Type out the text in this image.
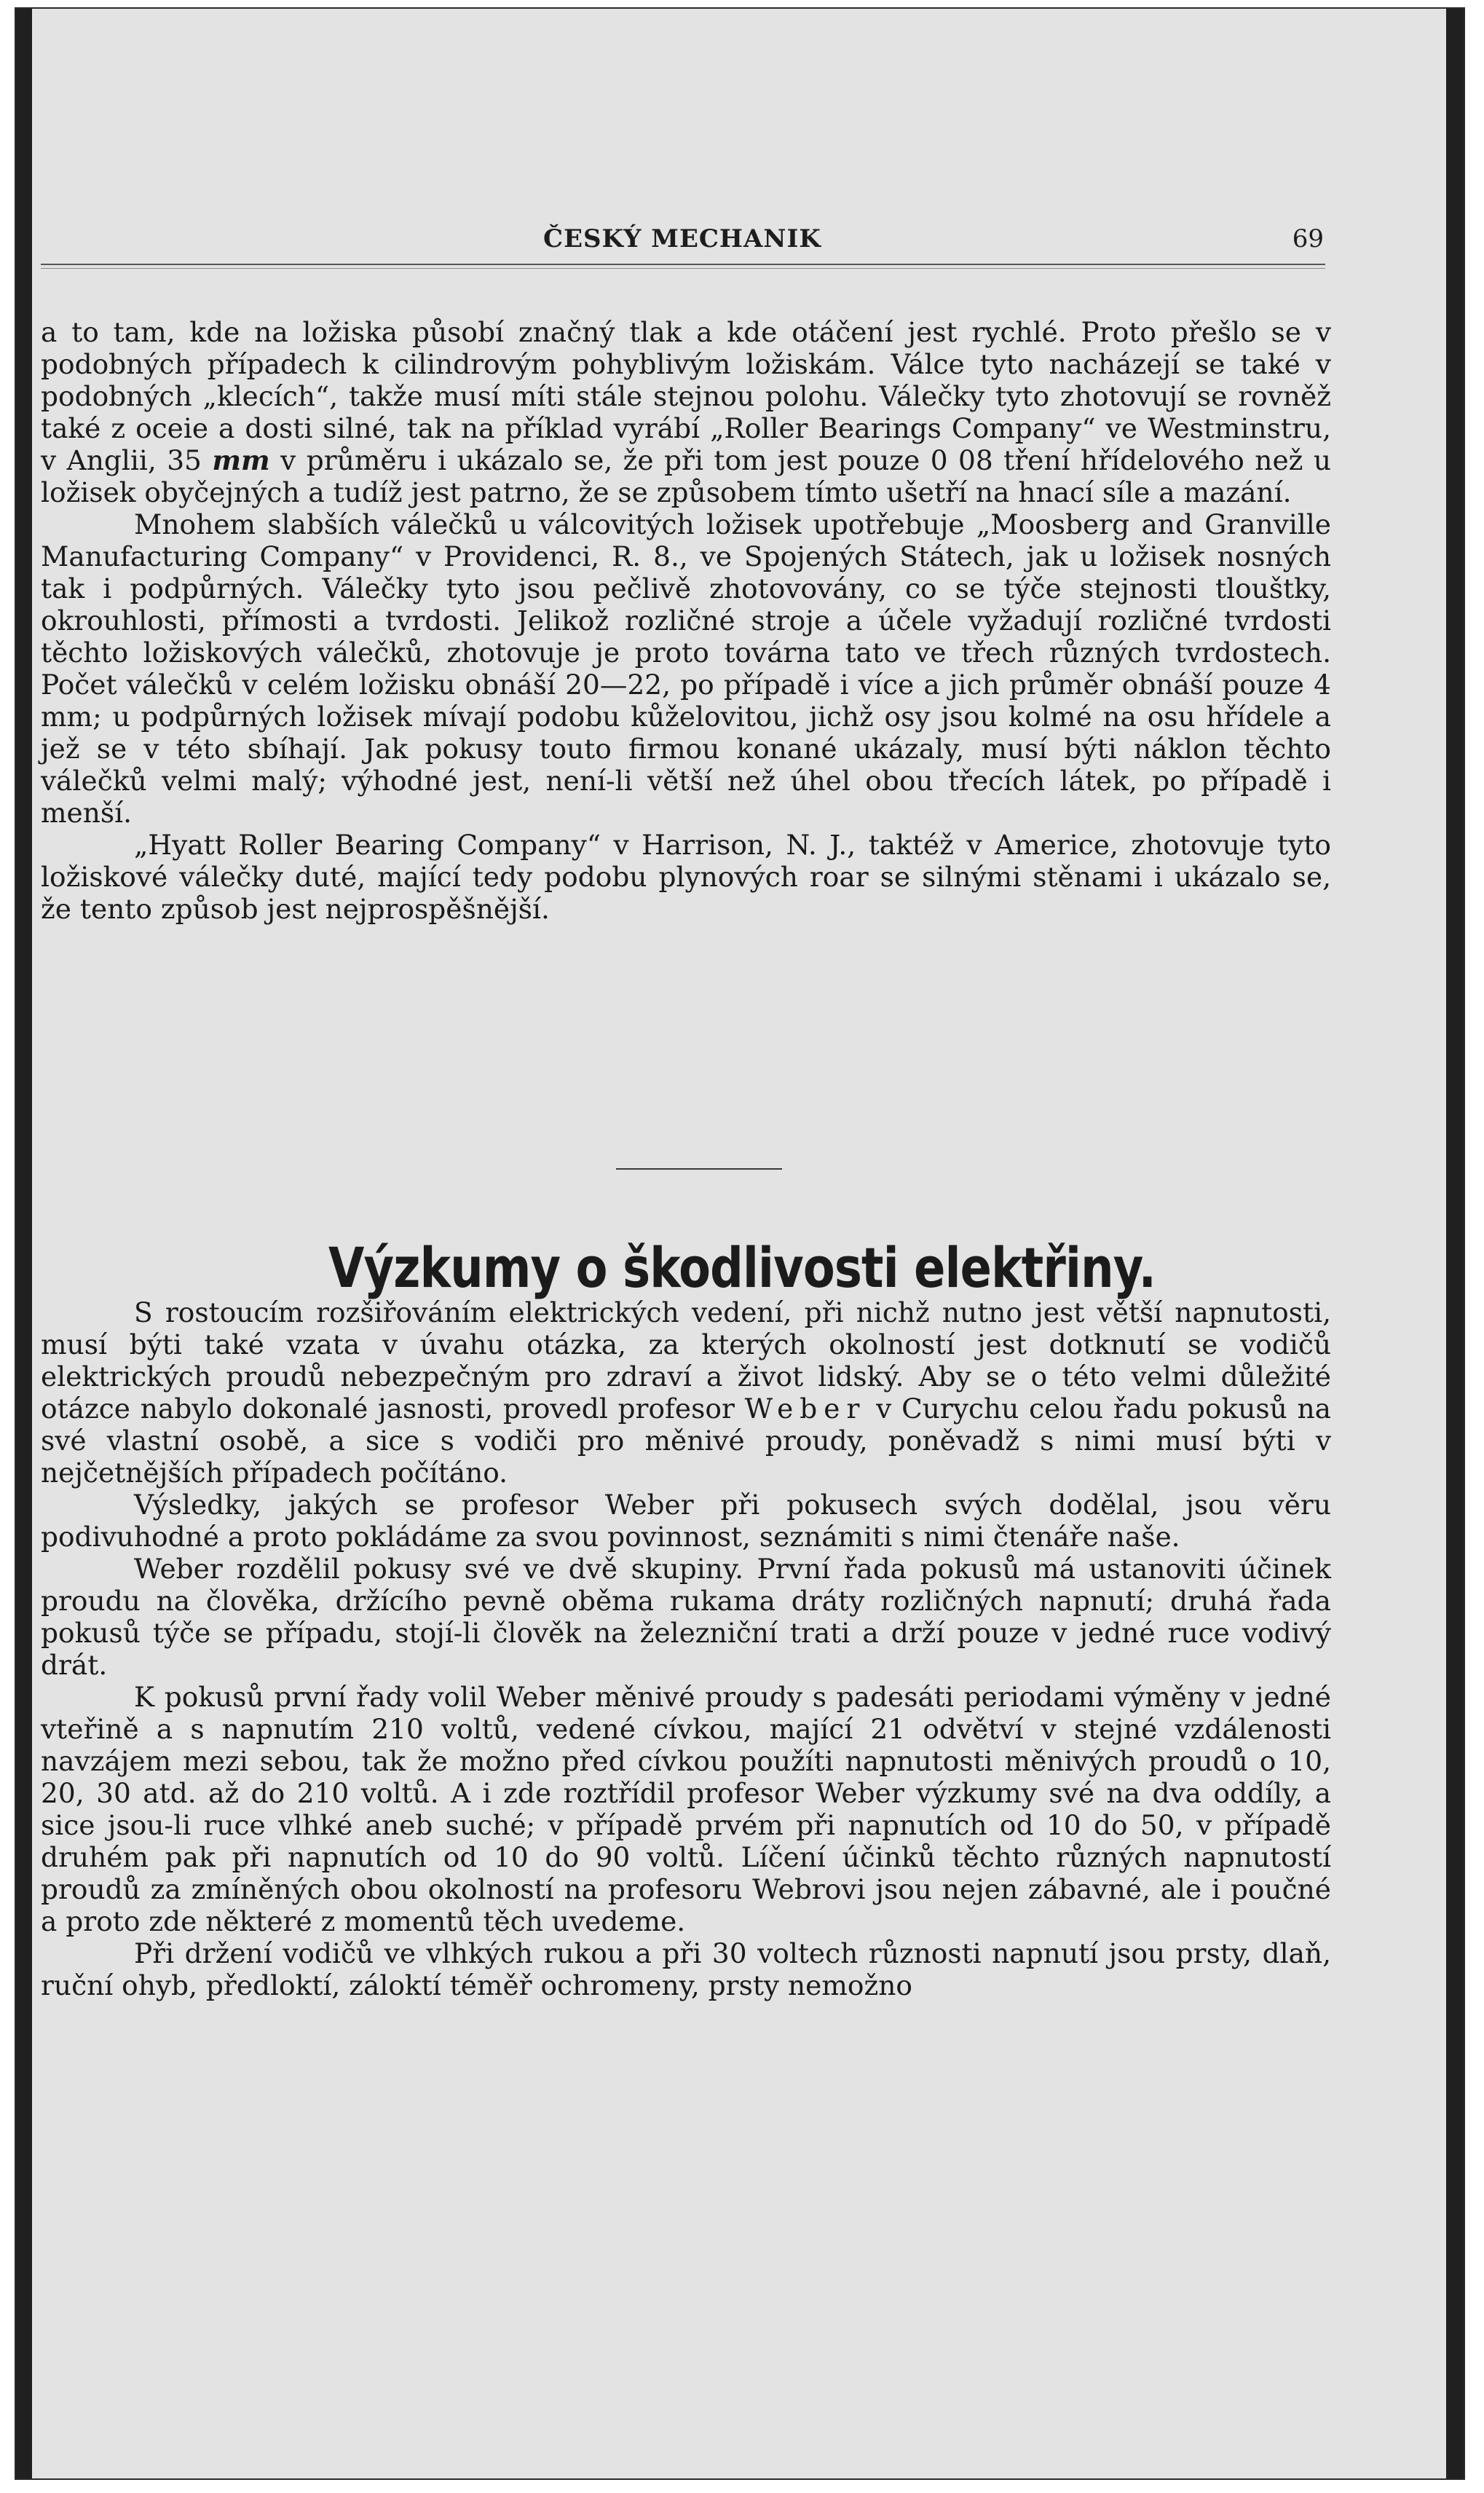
ČESKÝ MECHANIK	69

a to tam, kde na ložiska působí značný tlak a kde otáčení jest rychlé. Proto přešlo se v podobných případech k cilindrovým pohyblivým ložiskám. Válce tyto nacházejí se také v podobných „klecích“, takže musí míti stále stejnou polohu. Válečky tyto zhotovují se rovněž také z oceie a dosti silné, tak na příklad vyrábí „Roller Bearings Company“ ve Westminstru, v Anglii, 35 mm v průměru i ukázalo se, že při tom jest pouze 0 08 tření hřídelového než u ložisek obyčejných a tudíž jest patrno, že se způsobem tímto ušetří na hnací síle a mazání.

Mnohem slabších válečků u válcovitých ložisek upotřebuje „Moosberg and Granville Manufacturing Company“ v Providenci, R. 8., ve Spojených Státech, jak u ložisek nosných tak i podpůrných. Válečky tyto jsou pečlivě zhotovovány, co se týče stejnosti tlouštky, okrouhlosti, přímosti a tvrdosti. Jelikož rozličné stroje a účele vyžadují rozličné tvrdosti těchto ložiskových válečků, zhotovuje je proto továrna tato ve třech různých tvrdostech. Počet válečků v celém ložisku obnáší 20—22, po případě i více a jich průměr obnáší pouze 4 mm; u podpůrných ložisek mívají podobu kůželovitou, jichž osy jsou kolmé na osu hřídele a jež se v této sbíhají. Jak pokusy touto firmou konané ukázaly, musí býti náklon těchto válečků velmi malý; výhodné jest, není-li větší než úhel obou třecích látek, po případě i menší.

„Hyatt Roller Bearing Company“ v Harrison, N. J., taktéž v Americe, zhotovuje tyto ložiskové válečky duté, mající tedy podobu plynových roar se silnými stěnami i ukázalo se, že tento způsob jest nejprospěšnější.

Výzkumy o škodlivosti elektřiny.

S rostoucím rozšiřováním elektrických vedení, při nichž nutno jest větší napnutosti, musí býti také vzata v úvahu otázka, za kterých okolností jest dotknutí se vodičů elektrických proudů nebezpečným pro zdraví a život lidský. Aby se o této velmi důležité otázce nabylo dokonalé jasnosti, provedl profesor Weber v Curychu celou řadu pokusů na své vlastní osobě, a sice s vodiči pro měnivé proudy, poněvadž s nimi musí býti v nejčetnějších případech počítáno.

Výsledky, jakých se profesor Weber při pokusech svých dodělal, jsou věru podivuhodné a proto pokládáme za svou povinnost, seznámiti s nimi čtenáře naše.

Weber rozdělil pokusy své ve dvě skupiny. První řada pokusů má ustanoviti účinek proudu na člověka, držícího pevně oběma rukama dráty rozličných napnutí; druhá řada pokusů týče se případu, stojí-li člověk na železniční trati a drží pouze v jedné ruce vodivý drát.

K pokusů první řady volil Weber měnivé proudy s padesáti periodami výměny v jedné vteřině a s napnutím 210 voltů, vedené cívkou, mající 21 odvětví v stejné vzdálenosti navzájem mezi sebou, tak že možno před cívkou použíti napnutosti měnivých proudů o 10, 20, 30 atd. až do 210 voltů. A i zde roztřídil profesor Weber výzkumy své na dva oddíly, a sice jsou-li ruce vlhké aneb suché; v případě prvém při napnutích od 10 do 50, v případě druhém pak při napnutích od 10 do 90 voltů. Líčení účinků těchto různých napnutostí proudů za zmíněných obou okolností na profesoru Webrovi jsou nejen zábavné, ale i poučné a proto zde některé z momentů těch uvedeme.

Při držení vodičů ve vlhkých rukou a při 30 voltech různosti napnutí jsou prsty, dlaň, ruční ohyb, předloktí, záloktí téměř ochromeny, prsty nemožno
